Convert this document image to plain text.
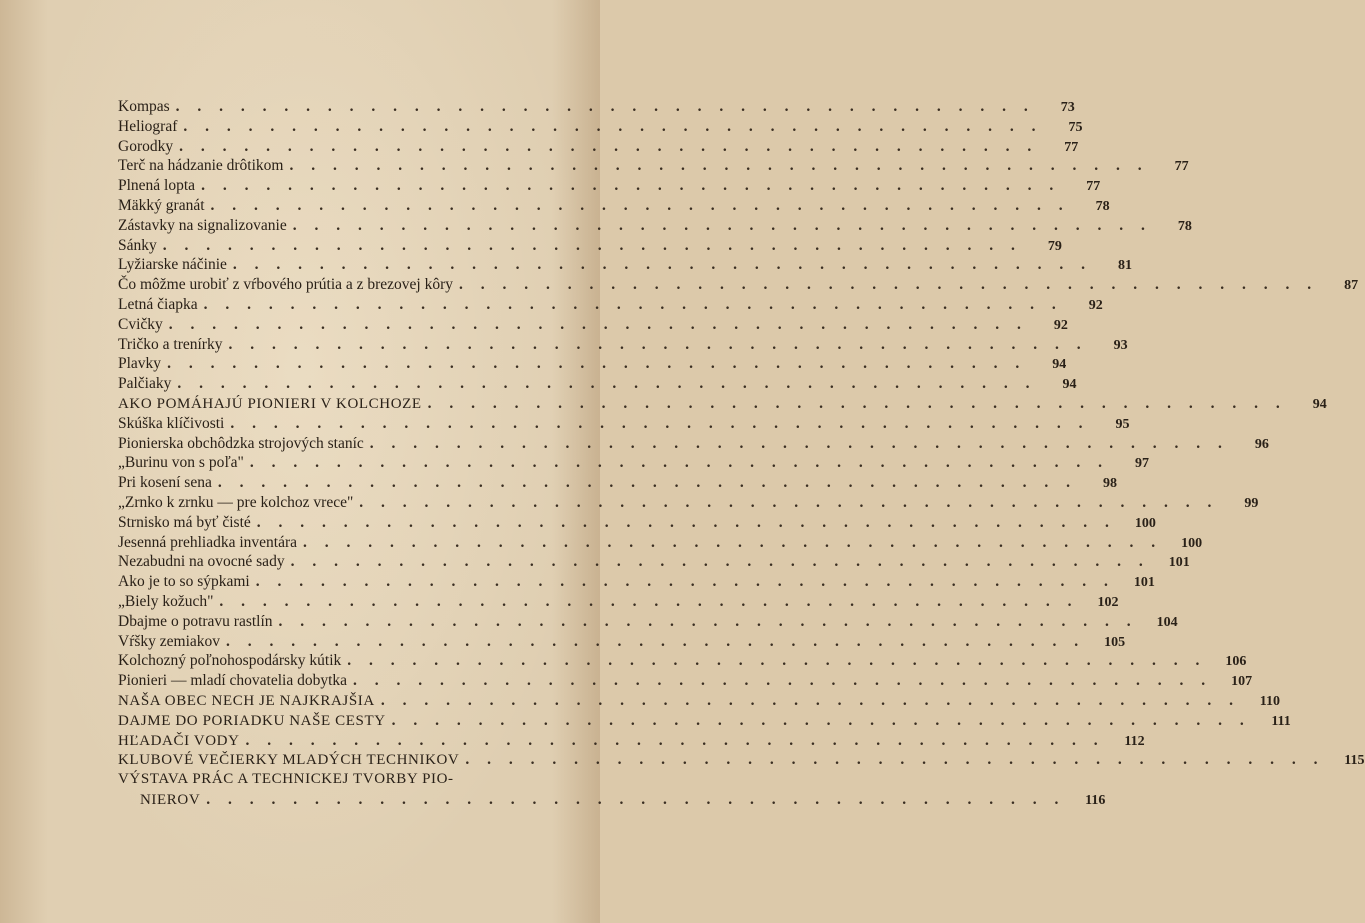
Kompas . . . . . . . . . . . . . . . . . . . . . . . . . . . . . . . . . . . . . . . .	73
Heliograf . . . . . . . . . . . . . . . . . . . . . . . . . . . . . . . . . . . . . . . .	75
Gorodky . . . . . . . . . . . . . . . . . . . . . . . . . . . . . . . . . . . . . . . .	77
Terč na hádzanie drôtikom . . . . . . . . . . . . . . . . . . . . . . . . . . . . . . . . . . . . . . . .	77
Plnená lopta . . . . . . . . . . . . . . . . . . . . . . . . . . . . . . . . . . . . . . . .	77
Mäkký granát . . . . . . . . . . . . . . . . . . . . . . . . . . . . . . . . . . . . . . . .	78
Zástavky na signalizovanie . . . . . . . . . . . . . . . . . . . . . . . . . . . . . . . . . . . . . . . .	78
Sánky . . . . . . . . . . . . . . . . . . . . . . . . . . . . . . . . . . . . . . . .	79
Lyžiarske náčinie . . . . . . . . . . . . . . . . . . . . . . . . . . . . . . . . . . . . . . . .	81
Čo môžme urobiť z vŕbového prútia a z brezovej kôry . . . . . . . . . . . . . . . . . . . . . . . . . . . . . . . . . . . . . . . .	87
Letná čiapka . . . . . . . . . . . . . . . . . . . . . . . . . . . . . . . . . . . . . . . .	92
Cvičky . . . . . . . . . . . . . . . . . . . . . . . . . . . . . . . . . . . . . . . .	92
Tričko a trenírky . . . . . . . . . . . . . . . . . . . . . . . . . . . . . . . . . . . . . . . .	93
Plavky . . . . . . . . . . . . . . . . . . . . . . . . . . . . . . . . . . . . . . . .	94
Palčiaky . . . . . . . . . . . . . . . . . . . . . . . . . . . . . . . . . . . . . . . .	94
AKO POMÁHAJÚ PIONIERI V KOLCHOZE . . . . . . . . . . . . . . . . . . . . . . . . . . . . . . . . . . . . . . . .	94
Skúška klíčivosti . . . . . . . . . . . . . . . . . . . . . . . . . . . . . . . . . . . . . . . .	95
Pionierska obchôdzka strojových staníc . . . . . . . . . . . . . . . . . . . . . . . . . . . . . . . . . . . . . . . .	96
„Burinu von s poľa" . . . . . . . . . . . . . . . . . . . . . . . . . . . . . . . . . . . . . . . .	97
Pri kosení sena . . . . . . . . . . . . . . . . . . . . . . . . . . . . . . . . . . . . . . . .	98
„Zrnko k zrnku — pre kolchoz vrece" . . . . . . . . . . . . . . . . . . . . . . . . . . . . . . . . . . . . . . . .	99
Strnisko má byť čisté . . . . . . . . . . . . . . . . . . . . . . . . . . . . . . . . . . . . . . . .	100
Jesenná prehliadka inventára . . . . . . . . . . . . . . . . . . . . . . . . . . . . . . . . . . . . . . . .	100
Nezabudni na ovocné sady . . . . . . . . . . . . . . . . . . . . . . . . . . . . . . . . . . . . . . . .	101
Ako je to so sýpkami . . . . . . . . . . . . . . . . . . . . . . . . . . . . . . . . . . . . . . . .	101
„Biely kožuch" . . . . . . . . . . . . . . . . . . . . . . . . . . . . . . . . . . . . . . . .	102
Dbajme o potravu rastlín . . . . . . . . . . . . . . . . . . . . . . . . . . . . . . . . . . . . . . . .	104
Vŕšky zemiakov . . . . . . . . . . . . . . . . . . . . . . . . . . . . . . . . . . . . . . . .	105
Kolchozný poľnohospodársky kútik . . . . . . . . . . . . . . . . . . . . . . . . . . . . . . . . . . . . . . . .	106
Pionieri — mladí chovatelia dobytka . . . . . . . . . . . . . . . . . . . . . . . . . . . . . . . . . . . . . . . .	107
NAŠA OBEC NECH JE NAJKRAJŠIA . . . . . . . . . . . . . . . . . . . . . . . . . . . . . . . . . . . . . . . .	110
DAJME DO PORIADKU NAŠE CESTY . . . . . . . . . . . . . . . . . . . . . . . . . . . . . . . . . . . . . . . .	111
HĽADAČI VODY . . . . . . . . . . . . . . . . . . . . . . . . . . . . . . . . . . . . . . . .	112
KLUBOVÉ VEČIERKY MLADÝCH TECHNIKOV . . . . . . . . . . . . . . . . . . . . . . . . . . . . . . . . . . . . . . . .	115
VÝSTAVA PRÁC A TECHNICKEJ TVORBY PIO-
NIEROV . . . . . . . . . . . . . . . . . . . . . . . . . . . . . . . . . . . . . . . .	116
